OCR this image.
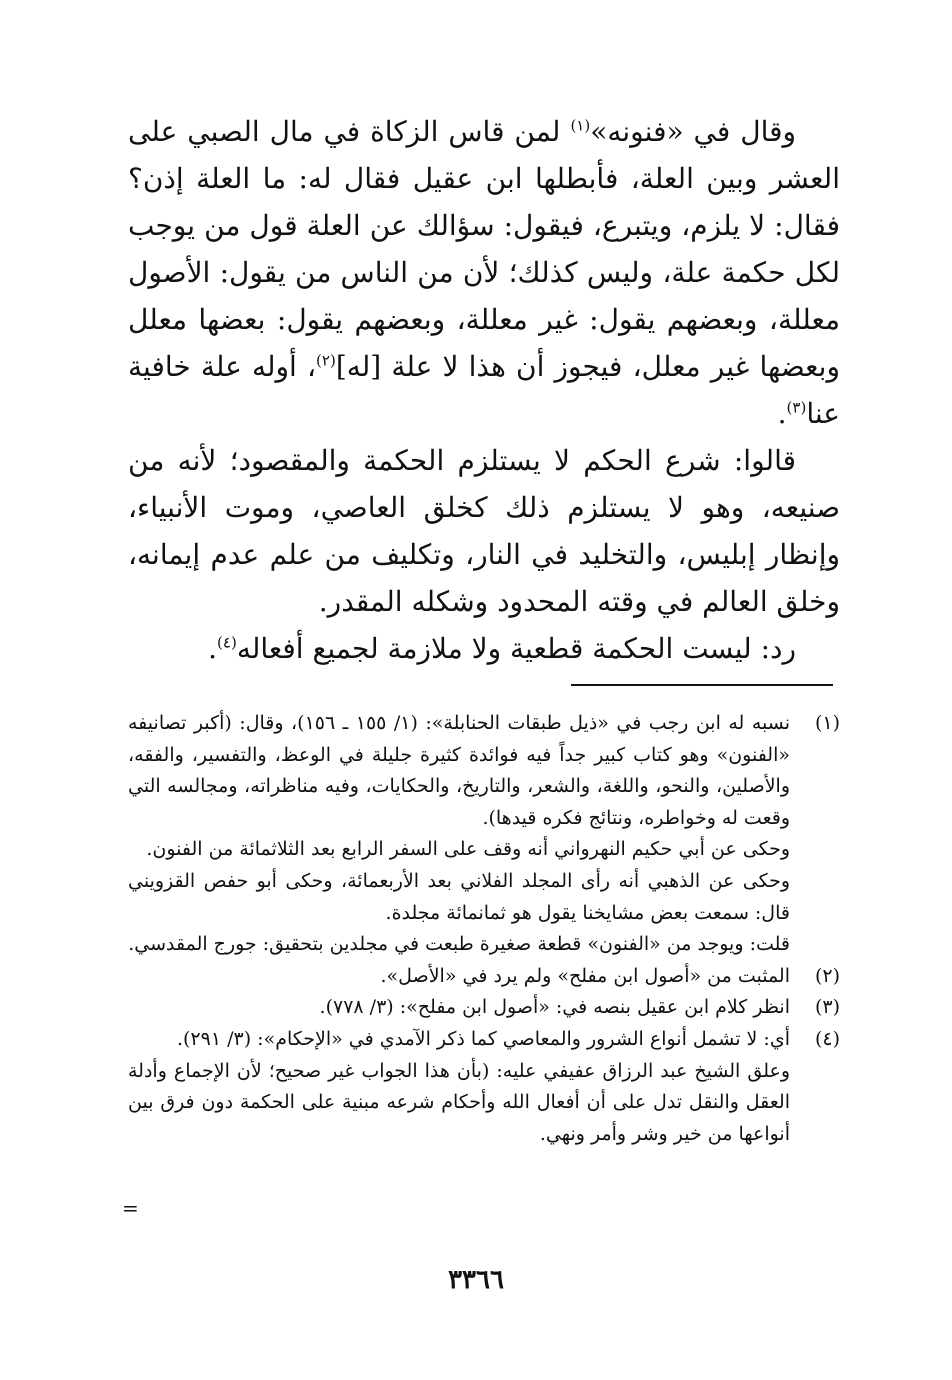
وقال في «فنونه»$^{(١)}$ لمن قاس الزكاة في مال الصبي على العشر وبين العلة، فأبطلها ابن عقيل فقال له: ما العلة إذن؟ فقال: لا يلزم، ويتبرع، فيقول: سؤالك عن العلة قول من يوجب لكل حكمة علة، وليس كذلك؛ لأن من الناس من يقول: الأصول معللة، وبعضهم يقول: غير معللة، وبعضهم يقول: بعضها معلل وبعضها غير معلل، فيجوز أن هذا لا علة [له]$^{(٢)}$، أوله علة خافية عنا$^{(٣)}$.

قالوا: شرع الحكم لا يستلزم الحكمة والمقصود؛ لأنه من صنيعه، وهو لا يستلزم ذلك كخلق العاصي، وموت الأنبياء، وإنظار إبليس، والتخليد في النار، وتكليف من علم عدم إيمانه، وخلق العالم في وقته المحدود وشكله المقدر.

رد: ليست الحكمة قطعية ولا ملازمة لجميع أفعاله$^{(٤)}$.

(١)

نسبه له ابن رجب في «ذيل طبقات الحنابلة»: (١/ ١٥٥ ـ ١٥٦)، وقال: (أكبر تصانيفه «الفنون» وهو كتاب كبير جداً فيه فوائدة كثيرة جليلة في الوعظ، والتفسير، والفقه، والأصلين، والنحو، واللغة، والشعر، والتاريخ، والحكايات، وفيه مناظراته، ومجالسه التي وقعت له وخواطره، ونتائج فكره قيدها).

وحكى عن أبي حكيم النهرواني أنه وقف على السفر الرابع بعد الثلاثمائة من الفنون.

وحكى عن الذهبي أنه رأى المجلد الفلاني بعد الأربعمائة، وحكى أبو حفص القزويني قال: سمعت بعض مشايخنا يقول هو ثمانمائة مجلدة.

قلت: ويوجد من «الفنون» قطعة صغيرة طبعت في مجلدين بتحقيق: جورج المقدسي.

(٢)

المثبت من «أصول ابن مفلح» ولم يرد في «الأصل».

(٣)

انظر كلام ابن عقيل بنصه في: «أصول ابن مفلح»: (٣/ ٧٧٨).

(٤)

أي: لا تشمل أنواع الشرور والمعاصي كما ذكر الآمدي في «الإحكام»: (٣/ ٢٩١).

وعلق الشيخ عبد الرزاق عفيفي عليه: (بأن هذا الجواب غير صحيح؛ لأن الإجماع وأدلة العقل والنقل تدل على أن أفعال الله وأحكام شرعه مبنية على الحكمة دون فرق بين أنواعها من خير وشر وأمر ونهي.

=
٣٣٦٦
